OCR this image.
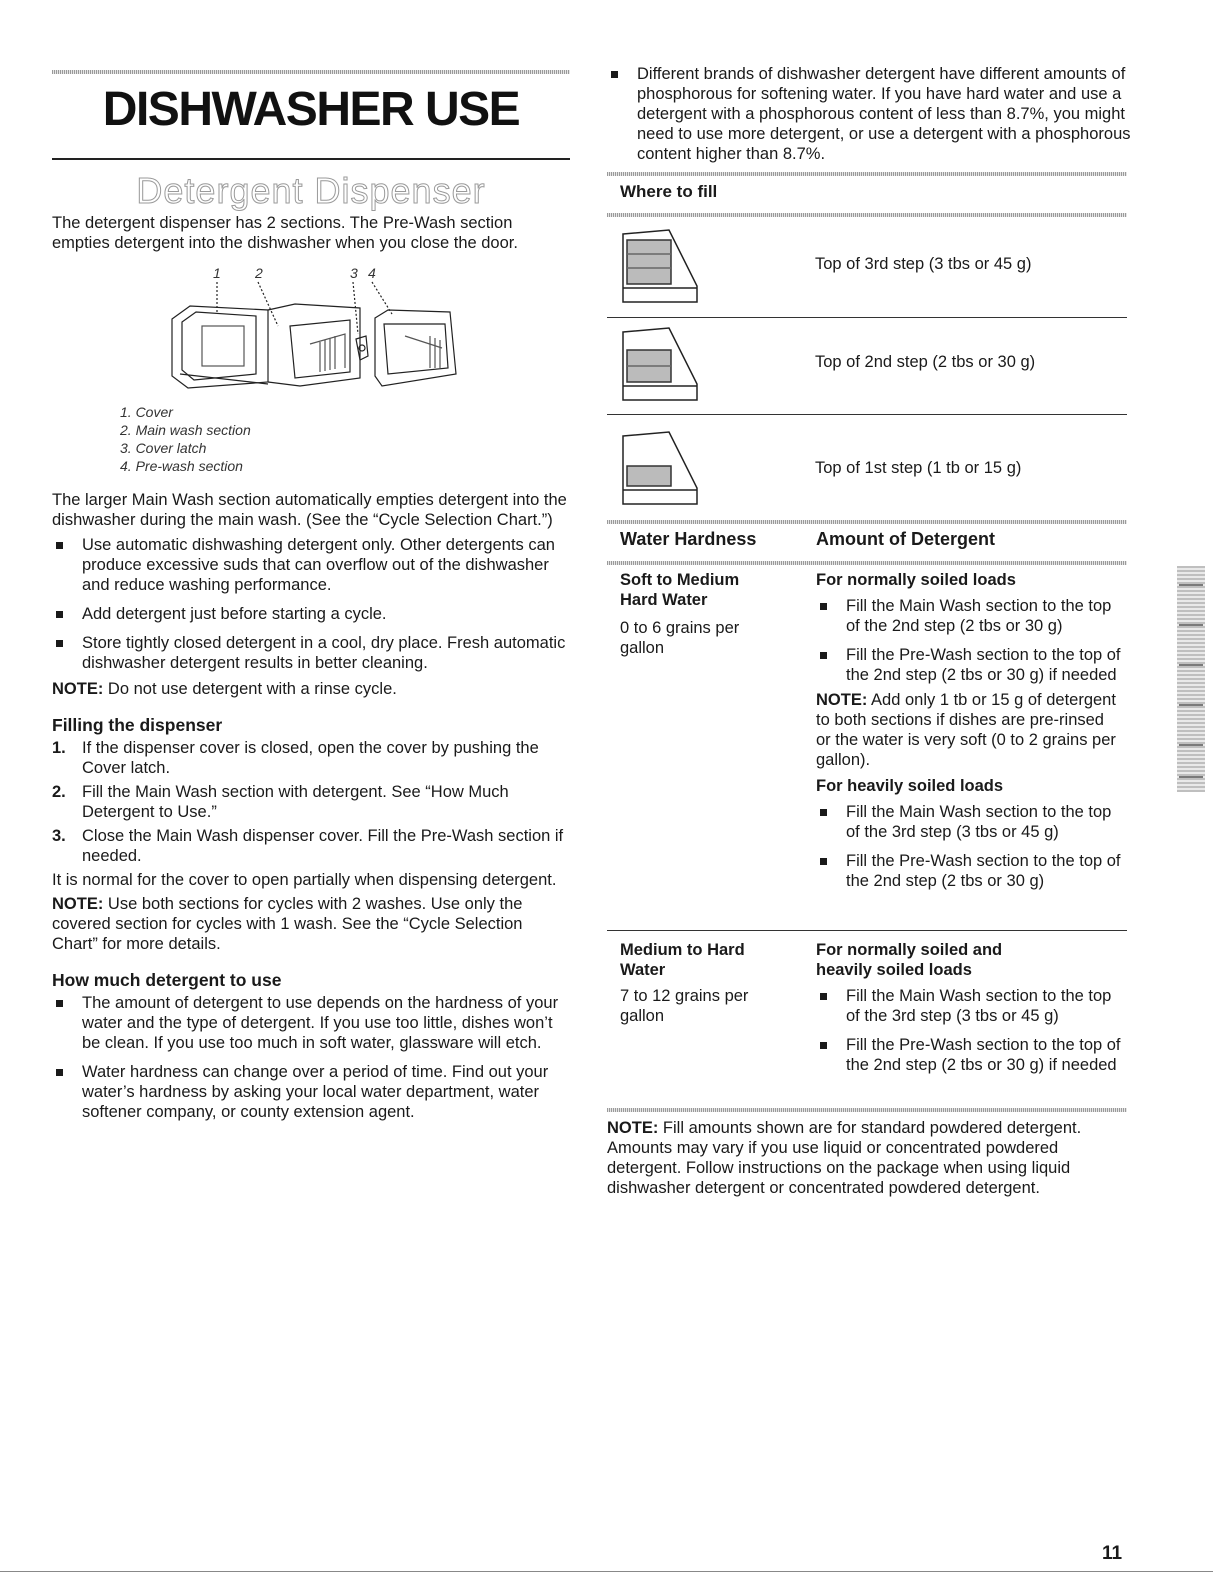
DISHWASHER USE
Detergent Dispenser

The detergent dispenser has 2 sections. The Pre-Wash section empties detergent into the dishwasher when you close the door.

1 2	3 4
1. Cover
2. Main wash section
3. Cover latch
4. Pre-wash section

The larger Main Wash section automatically empties detergent into the dishwasher during the main wash. (See the “Cycle Selection Chart.”)

Use automatic dishwashing detergent only. Other detergents can produce excessive suds that can overflow out of the dishwasher and reduce washing performance.
Add detergent just before starting a cycle.
Store tightly closed detergent in a cool, dry place. Fresh automatic dishwasher detergent results in better cleaning.

NOTE: Do not use detergent with a rinse cycle.

Filling the dispenser
1. If the dispenser cover is closed, open the cover by pushing the Cover latch.
2. Fill the Main Wash section with detergent. See “How Much Detergent to Use.”
3. Close the Main Wash dispenser cover. Fill the Pre-Wash section if needed.

It is normal for the cover to open partially when dispensing detergent.

NOTE: Use both sections for cycles with 2 washes. Use only the covered section for cycles with 1 wash. See the “Cycle Selection Chart” for more details.

How much detergent to use
The amount of detergent to use depends on the hardness of your water and the type of detergent. If you use too little, dishes won’t be clean. If you use too much in soft water, glassware will etch.
Water hardness can change over a period of time. Find out your water’s hardness by asking your local water department, water softener company, or county extension agent.
Different brands of dishwasher detergent have different amounts of phosphorous for softening water. If you have hard water and use a detergent with a phosphorous content of less than 8.7%, you might need to use more detergent, or use a detergent with a phosphorous content higher than 8.7%.
Where to fill
Top of 3rd step (3 tbs or 45 g)
Top of 2nd step (2 tbs or 30 g)
Top of 1st step (1 tb or 15 g)
Water Hardness	Amount of Detergent
Soft to Medium Hard Water
0 to 6 grains per gallon
For normally soiled loads
Fill the Main Wash section to the top of the 2nd step (2 tbs or 30 g)
Fill the Pre-Wash section to the top of the 2nd step (2 tbs or 30 g) if needed

NOTE: Add only 1 tb or 15 g of detergent to both sections if dishes are pre-rinsed or the water is very soft (0 to 2 grains per gallon).

For heavily soiled loads
Fill the Main Wash section to the top of the 3rd step (3 tbs or 45 g)
Fill the Pre-Wash section to the top of the 2nd step (2 tbs or 30 g)
Medium to Hard Water
7 to 12 grains per gallon
For normally soiled and heavily soiled loads
Fill the Main Wash section to the top of the 3rd step (3 tbs or 45 g)
Fill the Pre-Wash section to the top of the 2nd step (2 tbs or 30 g) if needed

NOTE: Fill amounts shown are for standard powdered detergent. Amounts may vary if you use liquid or concentrated powdered detergent. Follow instructions on the package when using liquid dishwasher detergent or concentrated powdered detergent.

11
